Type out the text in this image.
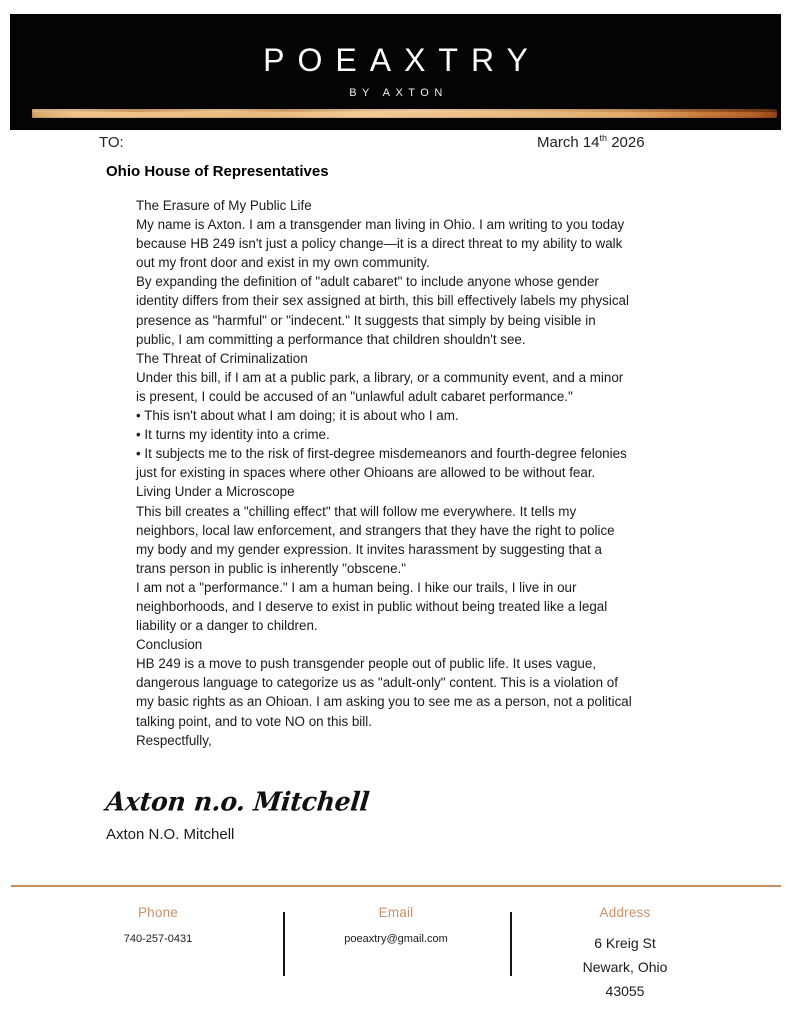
POEAXTRY
BY AXTON
TO:	March 14th 2026
Ohio House of Representatives

The Erasure of My Public Life

My name is Axton. I am a transgender man living in Ohio. I am writing to you today because HB 249 isn't just a policy change—it is a direct threat to my ability to walk out my front door and exist in my own community.

By expanding the definition of "adult cabaret" to include anyone whose gender identity differs from their sex assigned at birth, this bill effectively labels my physical presence as "harmful" or "indecent." It suggests that simply by being visible in public, I am committing a performance that children shouldn't see.

The Threat of Criminalization

Under this bill, if I am at a public park, a library, or a community event, and a minor is present, I could be accused of an "unlawful adult cabaret performance."

• This isn't about what I am doing; it is about who I am.

• It turns my identity into a crime.

• It subjects me to the risk of first-degree misdemeanors and fourth-degree felonies just for existing in spaces where other Ohioans are allowed to be without fear.

Living Under a Microscope

This bill creates a "chilling effect" that will follow me everywhere. It tells my neighbors, local law enforcement, and strangers that they have the right to police my body and my gender expression. It invites harassment by suggesting that a trans person in public is inherently "obscene."

I am not a "performance." I am a human being. I hike our trails, I live in our neighborhoods, and I deserve to exist in public without being treated like a legal liability or a danger to children.

Conclusion

HB 249 is a move to push transgender people out of public life. It uses vague, dangerous language to categorize us as "adult-only" content. This is a violation of my basic rights as an Ohioan. I am asking you to see me as a person, not a political talking point, and to vote NO on this bill.

Respectfully,

Axton n.o. Mitchell
Axton N.O. Mitchell
Phone
740-257-0431
Email
poeaxtry@gmail.com
Address
6 Kreig St
Newark, Ohio
43055
